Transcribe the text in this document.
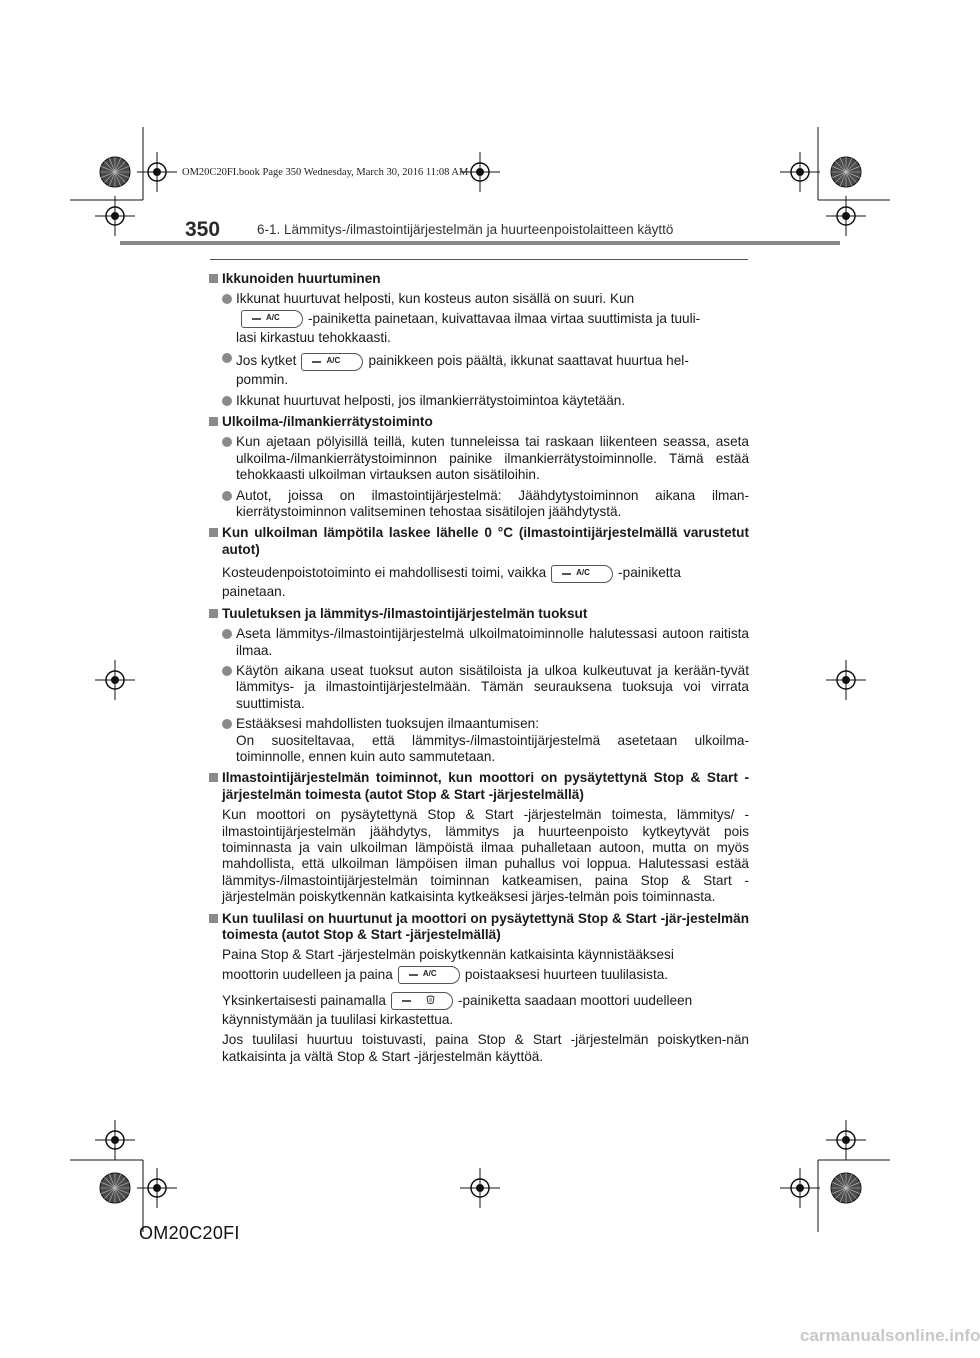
OM20C20FI.book Page 350 Wednesday, March 30, 2016 11:08 AM
350	6-1. Lämmitys-/ilmastointijärjestelmän ja huurteenpoistolaitteen käyttö
Ikkunoiden huurtuminen
Ikkunat huurtuvat helposti, kun kosteus auton sisällä on suuri. Kun
A/C -painiketta painetaan, kuivattavaa ilmaa virtaa suuttimista ja tuuli-
lasi kirkastuu tehokkaasti.
Jos kytket	A/C painikkeen pois päältä, ikkunat saattavat huurtua hel-
pommin.
Ikkunat huurtuvat helposti, jos ilmankierrätystoimintoa käytetään.
Ulkoilma-/ilmankierrätystoiminto
Kun ajetaan pölyisillä teillä, kuten tunneleissa tai raskaan liikenteen seassa, aseta ulkoilma-/ilmankierrätystoiminnon painike ilmankierrätystoiminnolle. Tämä estää tehokkaasti ulkoilman virtauksen auton sisätiloihin.
Autot, joissa on ilmastointijärjestelmä: Jäähdytystoiminnon aikana ilman-kierrätystoiminnon valitseminen tehostaa sisätilojen jäähdytystä.
Kun ulkoilman lämpötila laskee lähelle 0 °C (ilmastointijärjestelmällä varustetut autot)
Kosteudenpoistotoiminto ei mahdollisesti toimi, vaikka	A/C -painiketta
painetaan.
Tuuletuksen ja lämmitys-/ilmastointijärjestelmän tuoksut
Aseta lämmitys-/ilmastointijärjestelmä ulkoilmatoiminnolle halutessasi autoon raitista ilmaa.
Käytön aikana useat tuoksut auton sisätiloista ja ulkoa kulkeutuvat ja kerään-tyvät lämmitys- ja ilmastointijärjestelmään. Tämän seurauksena tuoksuja voi virrata suuttimista.
Estääksesi mahdollisten tuoksujen ilmaantumisen:
On suositeltavaa, että lämmitys-/ilmastointijärjestelmä asetetaan ulkoilma-toiminnolle, ennen kuin auto sammutetaan.
Ilmastointijärjestelmän toiminnot, kun moottori on pysäytettynä Stop & Start -järjestelmän toimesta (autot Stop & Start -järjestelmällä)
Kun moottori on pysäytettynä Stop & Start -järjestelmän toimesta, lämmitys/ -ilmastointijärjestelmän jäähdytys, lämmitys ja huurteenpoisto kytkeytyvät pois toiminnasta ja vain ulkoilman lämpöistä ilmaa puhalletaan autoon, mutta on myös mahdollista, että ulkoilman lämpöisen ilman puhallus voi loppua. Halutessasi estää lämmitys-/ilmastointijärjestelmän toiminnan katkeamisen, paina Stop & Start -järjestelmän poiskytkennän katkaisinta kytkeäksesi järjes-telmän pois toiminnasta.
Kun tuulilasi on huurtunut ja moottori on pysäytettynä Stop & Start -jär-jestelmän toimesta (autot Stop & Start -järjestelmällä)
Paina Stop & Start -järjestelmän poiskytkennän katkaisinta käynnistääksesi
moottorin uudelleen ja paina	A/C poistaaksesi huurteen tuulilasista.
Yksinkertaisesti painamalla	-painiketta saadaan moottori uudelleen
käynnistymään ja tuulilasi kirkastettua.
Jos tuulilasi huurtuu toistuvasti, paina Stop & Start -järjestelmän poiskytken-nän katkaisinta ja vältä Stop & Start -järjestelmän käyttöä.
OM20C20FI
carmanualsonline.info
